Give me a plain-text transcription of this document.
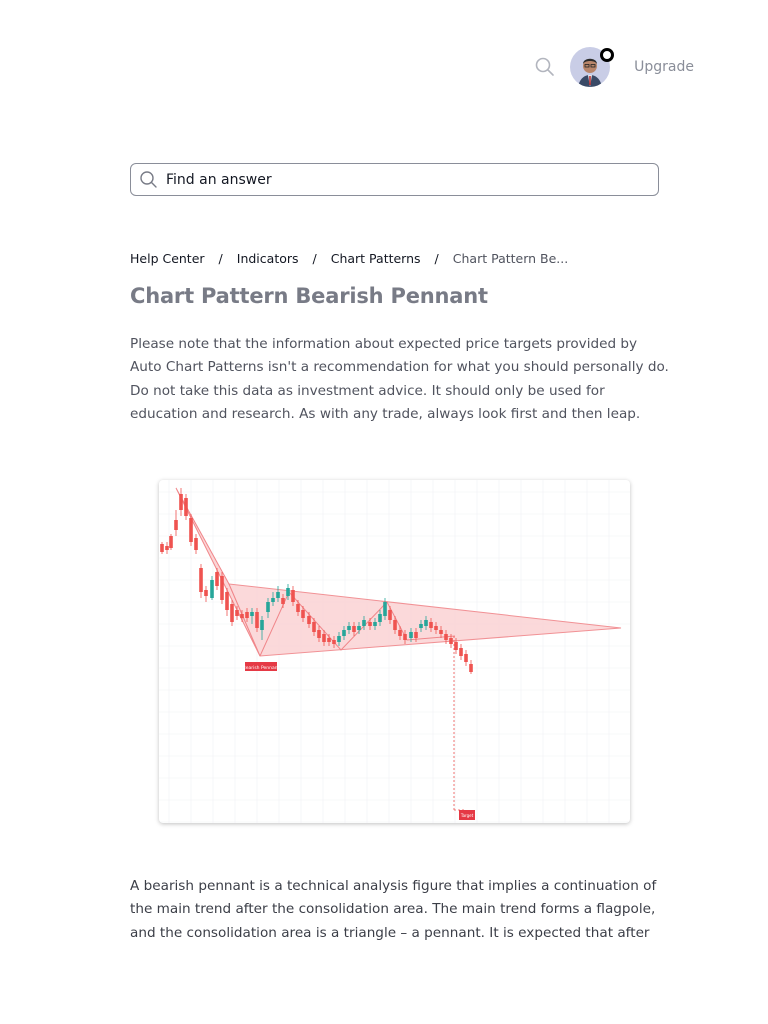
Upgrade
Find an answer
Help Center / Indicators / Chart Patterns / Chart Pattern Be...
Chart Pattern Bearish Pennant

Please note that the information about expected price targets provided by Auto Chart Patterns isn't a recommendation for what you should personally do. Do not take this data as investment advice. It should only be used for education and research. As with any trade, always look first and then leap.

Bearish Pennant
Target

A bearish pennant is a technical analysis figure that implies a continuation of the main trend after the consolidation area. The main trend forms a flagpole, and the consolidation area is a triangle – a pennant. It is expected that after
